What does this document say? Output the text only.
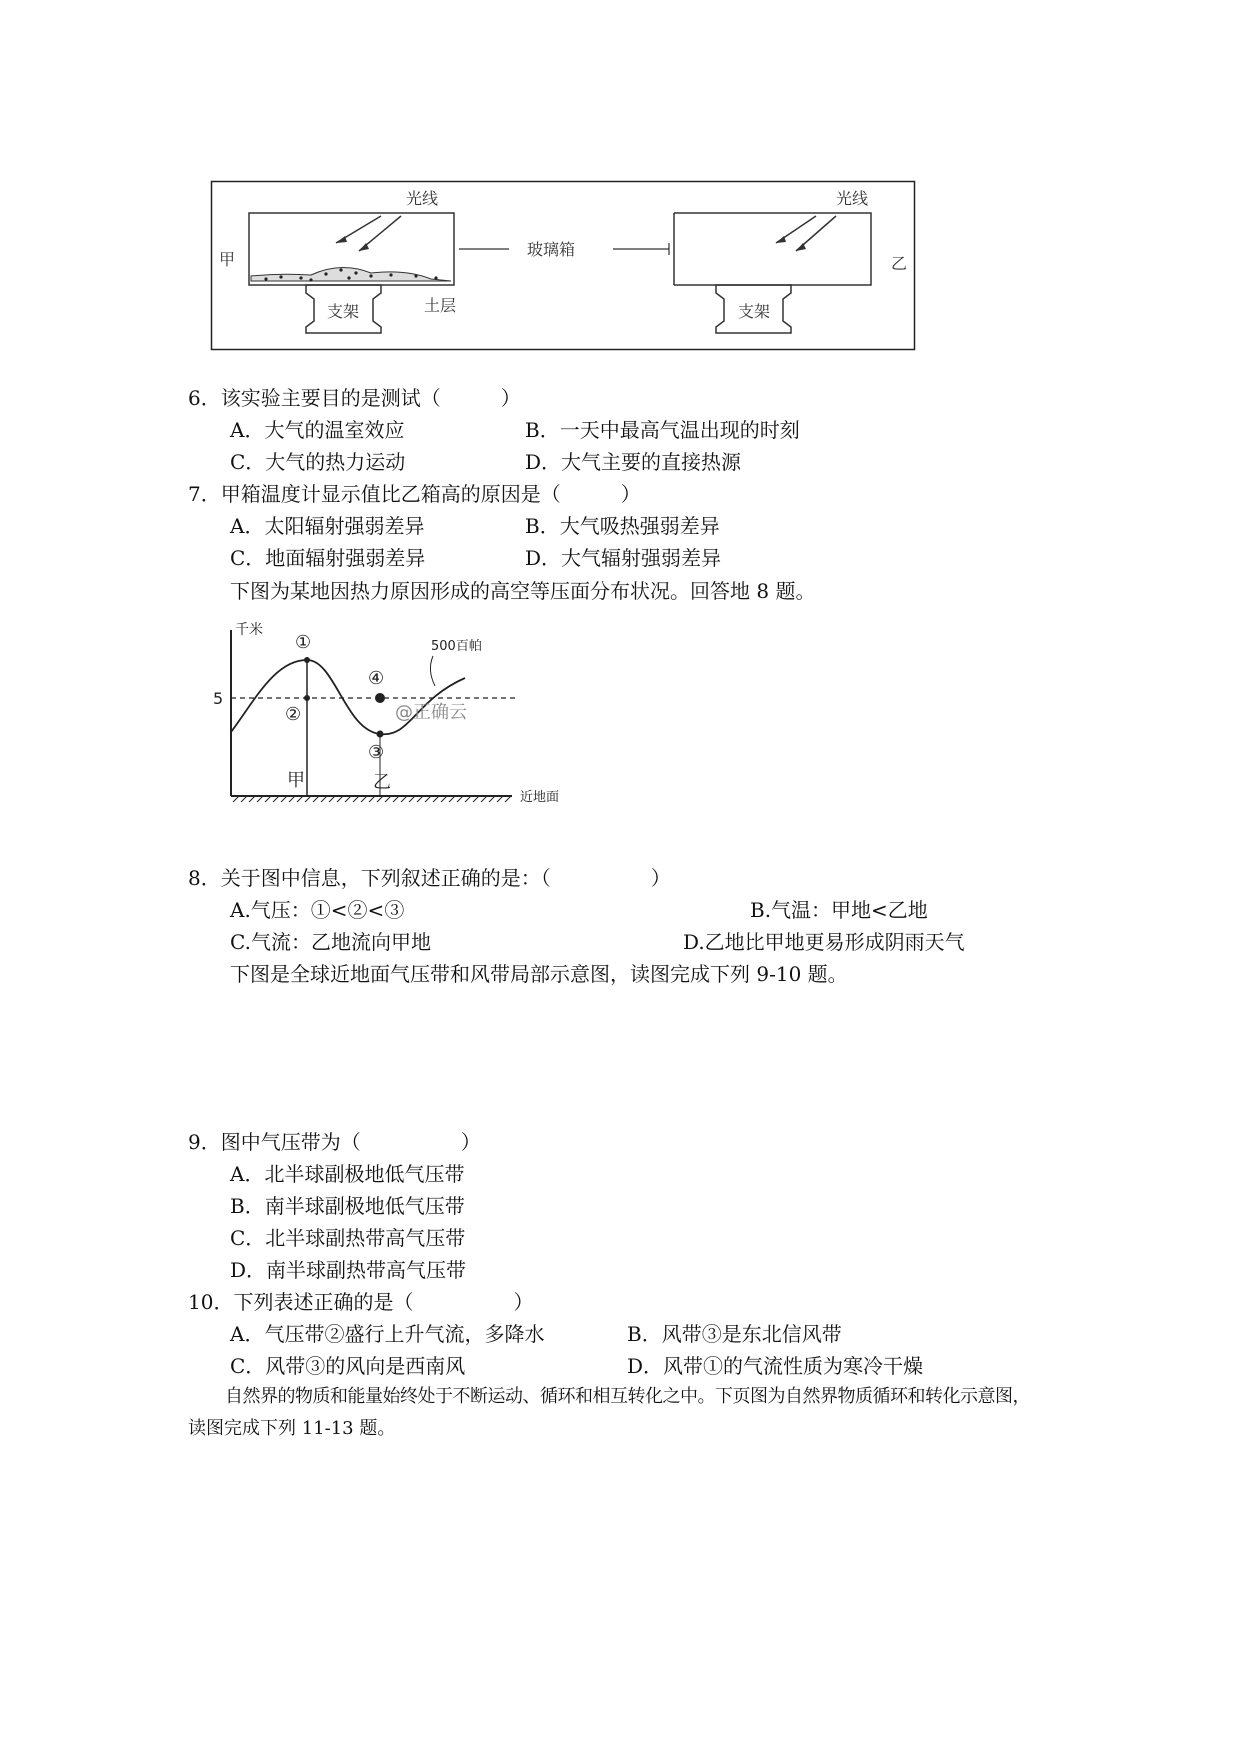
甲	乙
光线	光线
玻璃箱
支架	支架
土层
6．该实验主要目的是测试（　　　）
A．大气的温室效应	B．一天中最高气温出现的时刻
C．大气的热力运动	D．大气主要的直接热源
7．甲箱温度计显示值比乙箱高的原因是（　　　）
A．太阳辐射强弱差异	B．大气吸热强弱差异
C．地面辐射强弱差异	D．大气辐射强弱差异
下图为某地因热力原因形成的高空等压面分布状况。回答地 8 题。
千米
5
500百帕
①
②
③
④
甲	乙
近地面
@正确云
8．关于图中信息，下列叙述正确的是：（　　　　　）
A.气压：①<②<③	B.气温：甲地<乙地
C.气流：乙地流向甲地	D.乙地比甲地更易形成阴雨天气
下图是全球近地面气压带和风带局部示意图，读图完成下列 9-10 题。
9．图中气压带为（　　　　　）
A．北半球副极地低气压带
B．南半球副极地低气压带
C．北半球副热带高气压带
D．南半球副热带高气压带
10．下列表述正确的是（　　　　　）
A．气压带②盛行上升气流，多降水	B．风带③是东北信风带
C．风带③的风向是西南风	D．风带①的气流性质为寒冷干燥
自然界的物质和能量始终处于不断运动、循环和相互转化之中。下页图为自然界物质循环和转化示意图，
读图完成下列 11-13 题。
